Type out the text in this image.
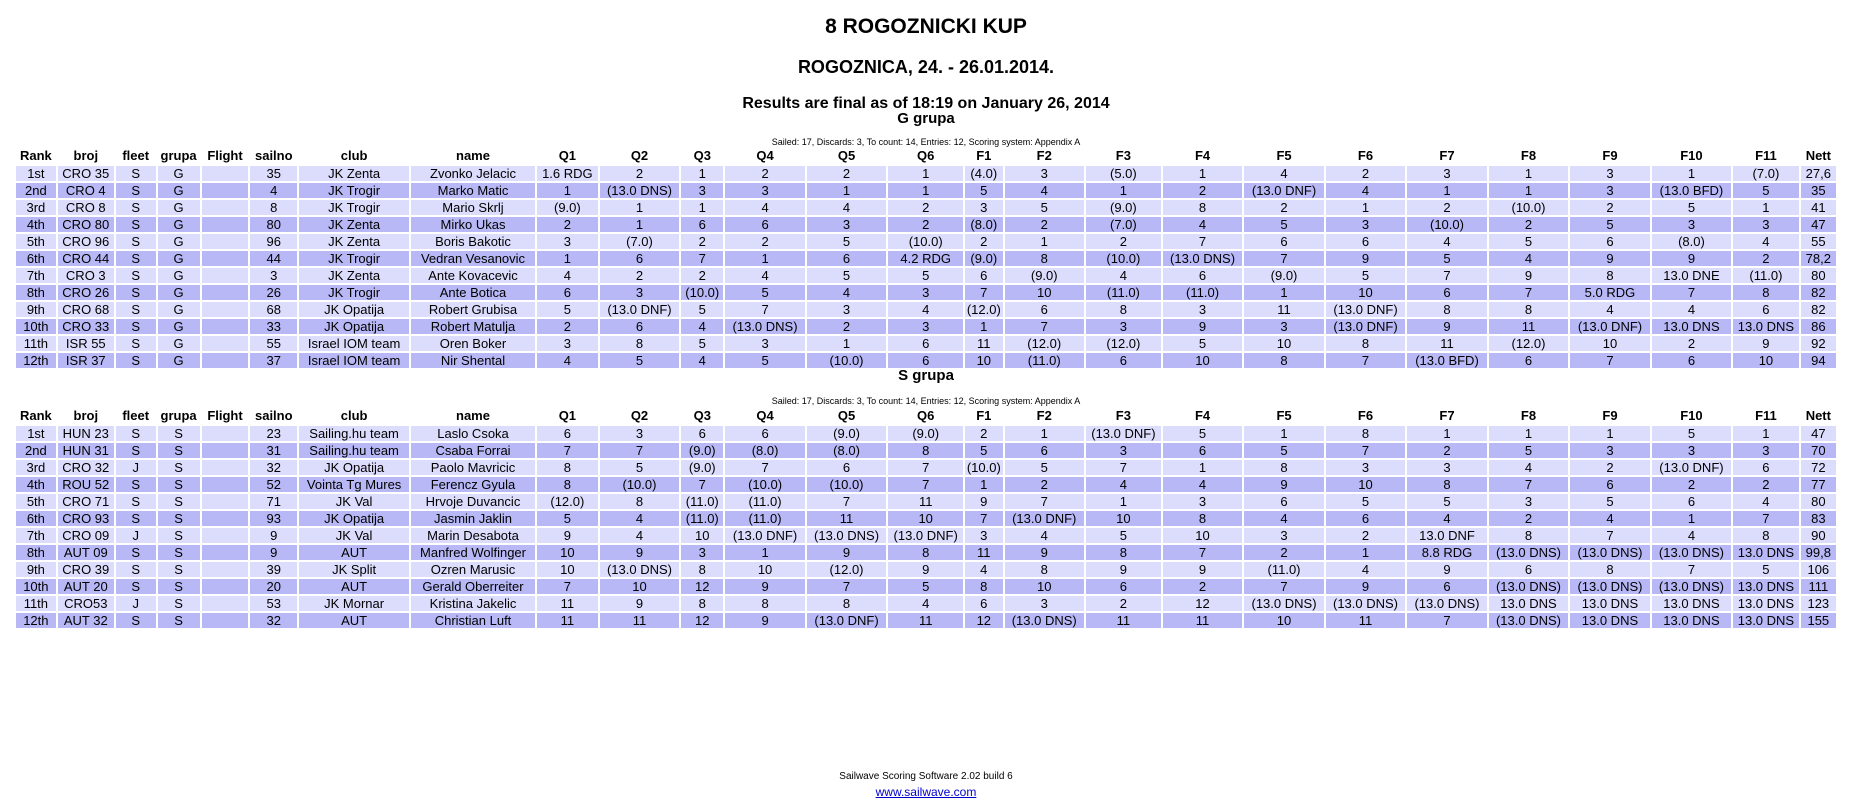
8 ROGOZNICKI KUP
ROGOZNICA, 24. - 26.01.2014.
Results are final as of 18:19 on January 26, 2014
G grupa
Sailed: 17, Discards: 3, To count: 14, Entries: 12, Scoring system: Appendix A
Rank	broj	fleet	grupa	Flight	sailno	club	name	Q1	Q2	Q3	Q4	Q5	Q6	F1	F2	F3	F4	F5	F6	F7	F8	F9	F10	F11	Nett
1st	CRO 35	S	G		35	JK Zenta	Zvonko Jelacic	1.6 RDG	2	1	2	2	1	(4.0)	3	(5.0)	1	4	2	3	1	3	1	(7.0)	27,6
2nd	CRO 4	S	G		4	JK Trogir	Marko Matic	1	(13.0 DNS)	3	3	1	1	5	4	1	2	(13.0 DNF)	4	1	1	3	(13.0 BFD)	5	35
3rd	CRO 8	S	G		8	JK Trogir	Mario Skrlj	(9.0)	1	1	4	4	2	3	5	(9.0)	8	2	1	2	(10.0)	2	5	1	41
4th	CRO 80	S	G		80	JK Zenta	Mirko Ukas	2	1	6	6	3	2	(8.0)	2	(7.0)	4	5	3	(10.0)	2	5	3	3	47
5th	CRO 96	S	G		96	JK Zenta	Boris Bakotic	3	(7.0)	2	2	5	(10.0)	2	1	2	7	6	6	4	5	6	(8.0)	4	55
6th	CRO 44	S	G		44	JK Trogir	Vedran Vesanovic	1	6	7	1	6	4.2 RDG	(9.0)	8	(10.0)	(13.0 DNS)	7	9	5	4	9	9	2	78,2
7th	CRO 3	S	G		3	JK Zenta	Ante Kovacevic	4	2	2	4	5	5	6	(9.0)	4	6	(9.0)	5	7	9	8	13.0 DNE	(11.0)	80
8th	CRO 26	S	G		26	JK Trogir	Ante Botica	6	3	(10.0)	5	4	3	7	10	(11.0)	(11.0)	1	10	6	7	5.0 RDG	7	8	82
9th	CRO 68	S	G		68	JK Opatija	Robert Grubisa	5	(13.0 DNF)	5	7	3	4	(12.0)	6	8	3	11	(13.0 DNF)	8	8	4	4	6	82
10th	CRO 33	S	G		33	JK Opatija	Robert Matulja	2	6	4	(13.0 DNS)	2	3	1	7	3	9	3	(13.0 DNF)	9	11	(13.0 DNF)	13.0 DNS	13.0 DNS	86
11th	ISR 55	S	G		55	Israel IOM team	Oren Boker	3	8	5	3	1	6	11	(12.0)	(12.0)	5	10	8	11	(12.0)	10	2	9	92
12th	ISR 37	S	G		37	Israel IOM team	Nir Shental	4	5	4	5	(10.0)	6	10	(11.0)	6	10	8	7	(13.0 BFD)	6	7	6	10	94
S grupa
Sailed: 17, Discards: 3, To count: 14, Entries: 12, Scoring system: Appendix A
Rank	broj	fleet	grupa	Flight	sailno	club	name	Q1	Q2	Q3	Q4	Q5	Q6	F1	F2	F3	F4	F5	F6	F7	F8	F9	F10	F11	Nett
1st	HUN 23	S	S		23	Sailing.hu team	Laslo Csoka	6	3	6	6	(9.0)	(9.0)	2	1	(13.0 DNF)	5	1	8	1	1	1	5	1	47
2nd	HUN 31	S	S		31	Sailing.hu team	Csaba Forrai	7	7	(9.0)	(8.0)	(8.0)	8	5	6	3	6	5	7	2	5	3	3	3	70
3rd	CRO 32	J	S		32	JK Opatija	Paolo Mavricic	8	5	(9.0)	7	6	7	(10.0)	5	7	1	8	3	3	4	2	(13.0 DNF)	6	72
4th	ROU 52	S	S		52	Vointa Tg Mures	Ferencz Gyula	8	(10.0)	7	(10.0)	(10.0)	7	1	2	4	4	9	10	8	7	6	2	2	77
5th	CRO 71	S	S		71	JK Val	Hrvoje Duvancic	(12.0)	8	(11.0)	(11.0)	7	11	9	7	1	3	6	5	5	3	5	6	4	80
6th	CRO 93	S	S		93	JK Opatija	Jasmin Jaklin	5	4	(11.0)	(11.0)	11	10	7	(13.0 DNF)	10	8	4	6	4	2	4	1	7	83
7th	CRO 09	J	S		9	JK Val	Marin Desabota	9	4	10	(13.0 DNF)	(13.0 DNS)	(13.0 DNF)	3	4	5	10	3	2	13.0 DNF	8	7	4	8	90
8th	AUT 09	S	S		9	AUT	Manfred Wolfinger	10	9	3	1	9	8	11	9	8	7	2	1	8.8 RDG	(13.0 DNS)	(13.0 DNS)	(13.0 DNS)	13.0 DNS	99,8
9th	CRO 39	S	S		39	JK Split	Ozren Marusic	10	(13.0 DNS)	8	10	(12.0)	9	4	8	9	9	(11.0)	4	9	6	8	7	5	106
10th	AUT 20	S	S		20	AUT	Gerald Oberreiter	7	10	12	9	7	5	8	10	6	2	7	9	6	(13.0 DNS)	(13.0 DNS)	(13.0 DNS)	13.0 DNS	111
11th	CRO53	J	S		53	JK Mornar	Kristina Jakelic	11	9	8	8	8	4	6	3	2	12	(13.0 DNS)	(13.0 DNS)	(13.0 DNS)	13.0 DNS	13.0 DNS	13.0 DNS	13.0 DNS	123
12th	AUT 32	S	S		32	AUT	Christian Luft	11	11	12	9	(13.0 DNF)	11	12	(13.0 DNS)	11	11	10	11	7	(13.0 DNS)	13.0 DNS	13.0 DNS	13.0 DNS	155
Sailwave Scoring Software 2.02 build 6
www.sailwave.com
